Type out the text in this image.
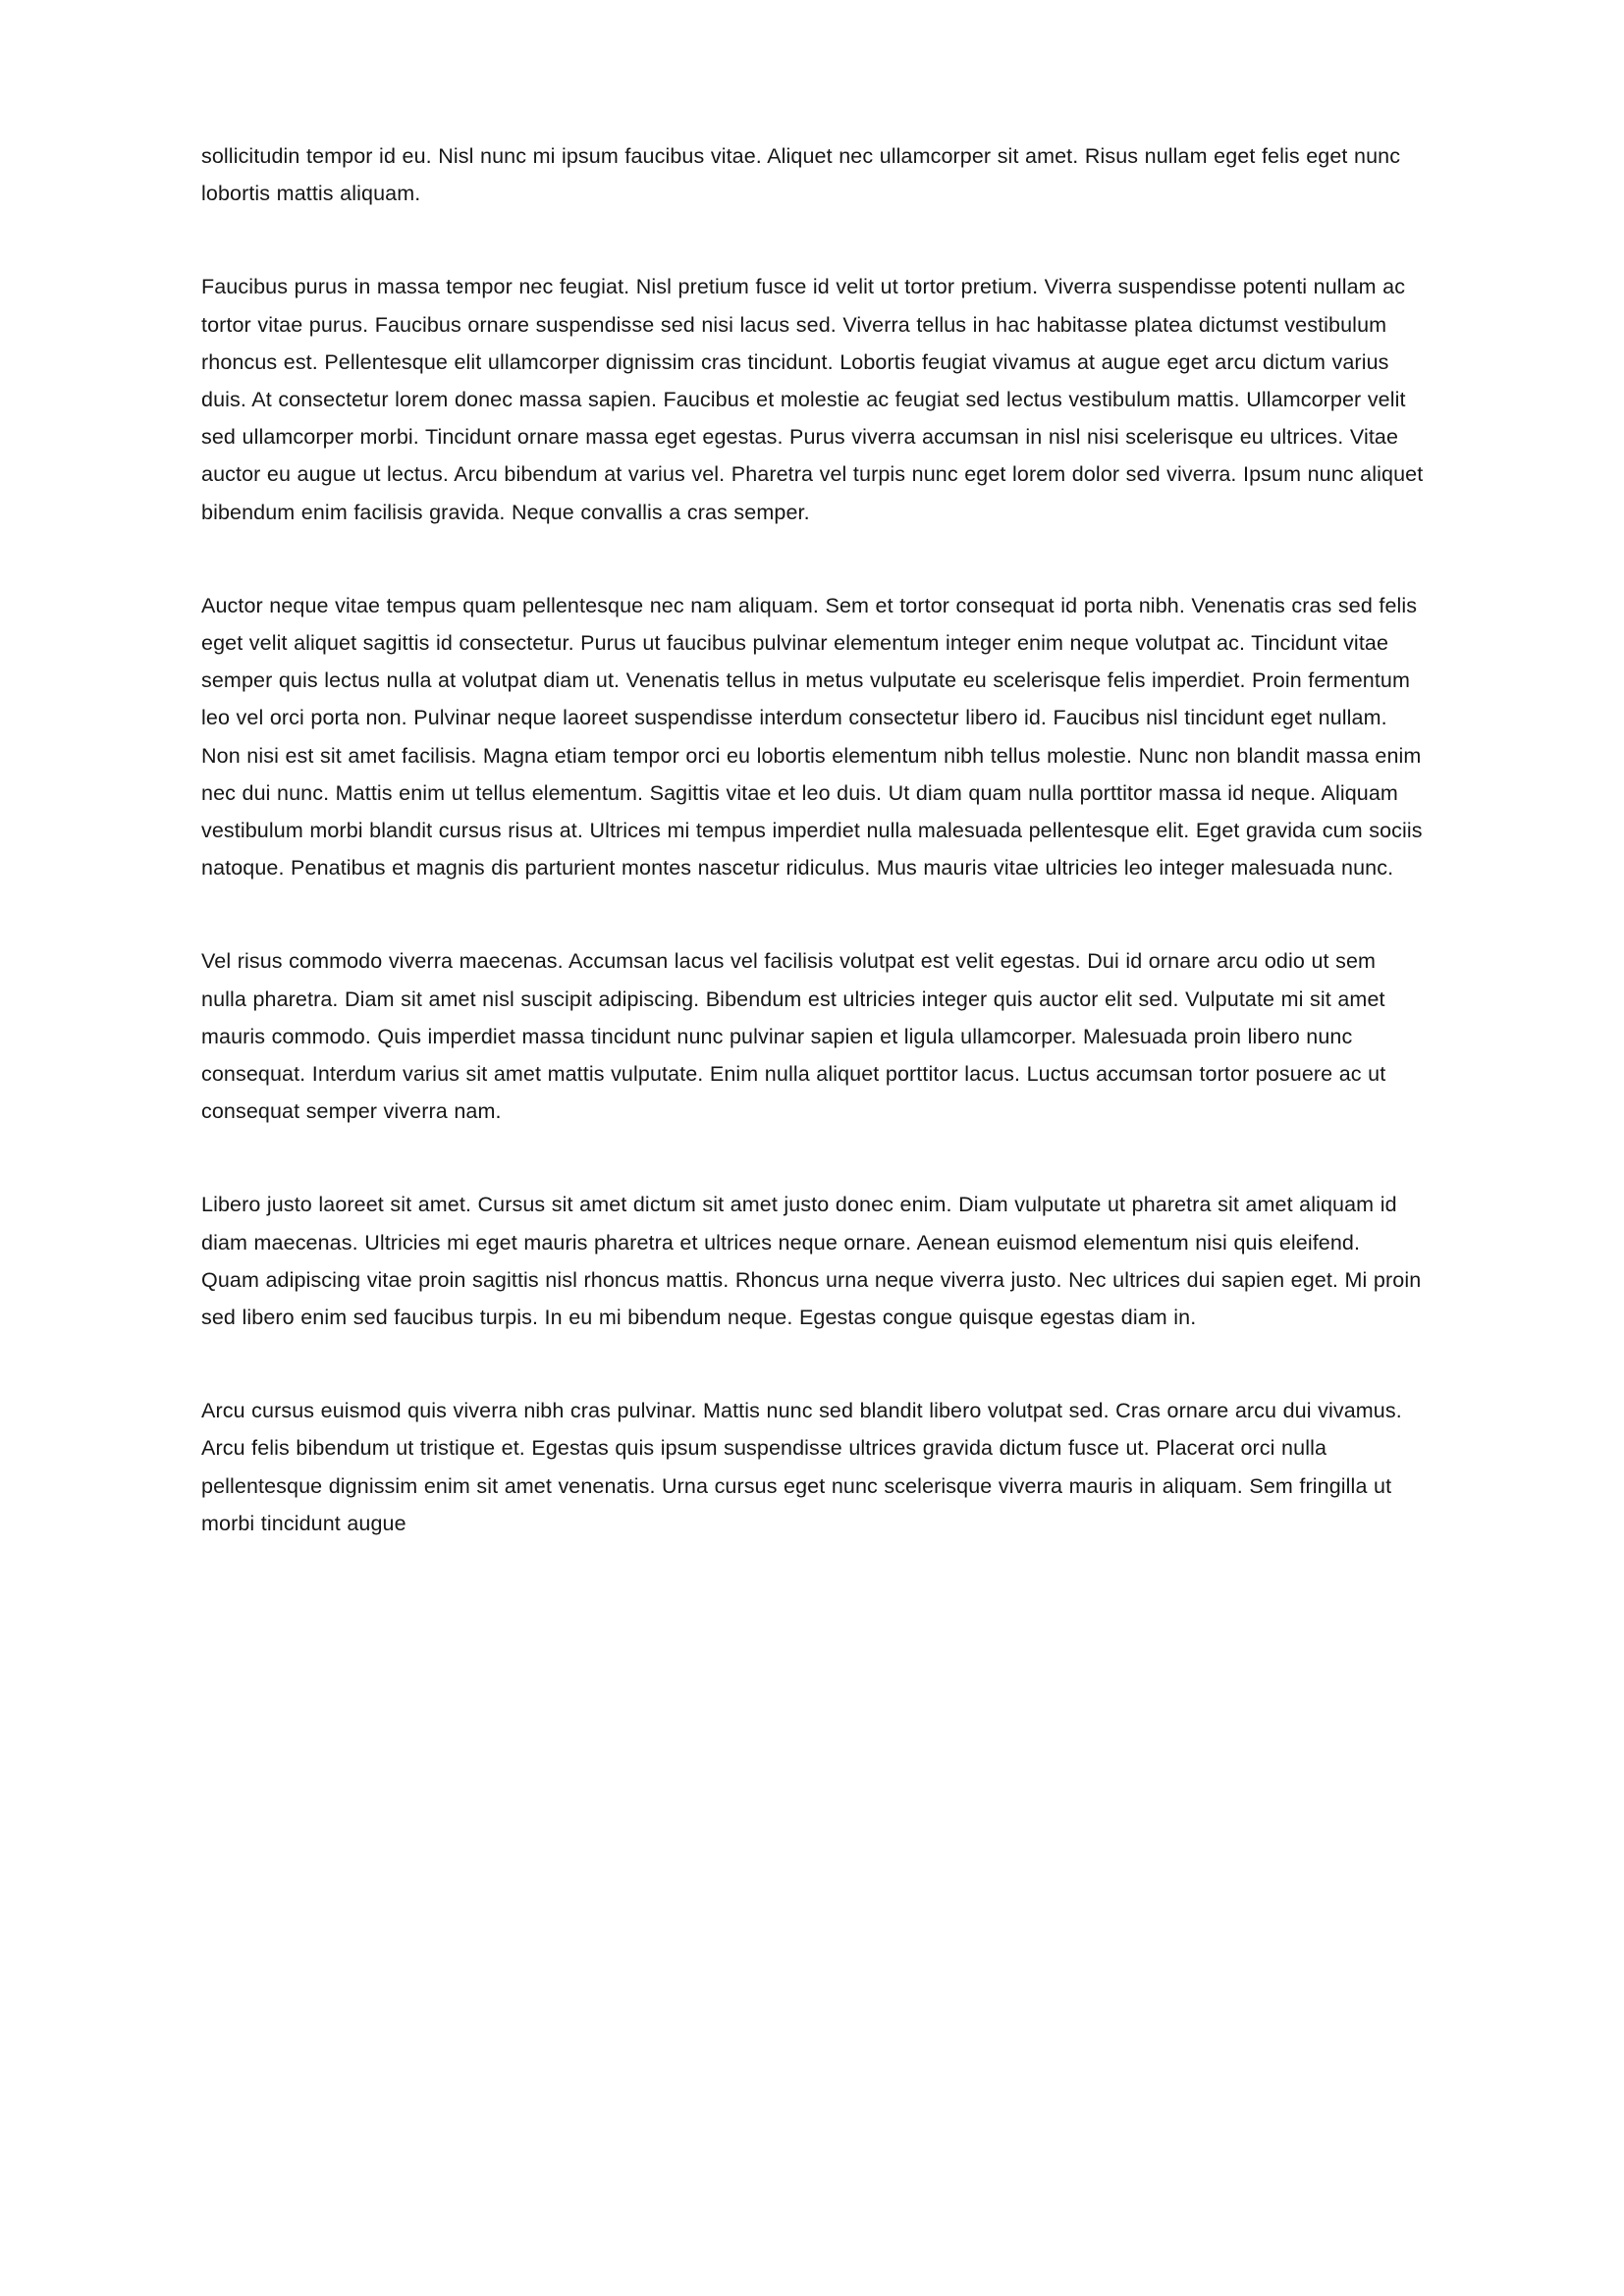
sollicitudin tempor id eu. Nisl nunc mi ipsum faucibus vitae. Aliquet nec ullamcorper sit amet. Risus nullam eget felis eget nunc lobortis mattis aliquam.

Faucibus purus in massa tempor nec feugiat. Nisl pretium fusce id velit ut tortor pretium. Viverra suspendisse potenti nullam ac tortor vitae purus. Faucibus ornare suspendisse sed nisi lacus sed. Viverra tellus in hac habitasse platea dictumst vestibulum rhoncus est. Pellentesque elit ullamcorper dignissim cras tincidunt. Lobortis feugiat vivamus at augue eget arcu dictum varius duis. At consectetur lorem donec massa sapien. Faucibus et molestie ac feugiat sed lectus vestibulum mattis. Ullamcorper velit sed ullamcorper morbi. Tincidunt ornare massa eget egestas. Purus viverra accumsan in nisl nisi scelerisque eu ultrices. Vitae auctor eu augue ut lectus. Arcu bibendum at varius vel. Pharetra vel turpis nunc eget lorem dolor sed viverra. Ipsum nunc aliquet bibendum enim facilisis gravida. Neque convallis a cras semper.

Auctor neque vitae tempus quam pellentesque nec nam aliquam. Sem et tortor consequat id porta nibh. Venenatis cras sed felis eget velit aliquet sagittis id consectetur. Purus ut faucibus pulvinar elementum integer enim neque volutpat ac. Tincidunt vitae semper quis lectus nulla at volutpat diam ut. Venenatis tellus in metus vulputate eu scelerisque felis imperdiet. Proin fermentum leo vel orci porta non. Pulvinar neque laoreet suspendisse interdum consectetur libero id. Faucibus nisl tincidunt eget nullam. Non nisi est sit amet facilisis. Magna etiam tempor orci eu lobortis elementum nibh tellus molestie. Nunc non blandit massa enim nec dui nunc. Mattis enim ut tellus elementum. Sagittis vitae et leo duis. Ut diam quam nulla porttitor massa id neque. Aliquam vestibulum morbi blandit cursus risus at. Ultrices mi tempus imperdiet nulla malesuada pellentesque elit. Eget gravida cum sociis natoque. Penatibus et magnis dis parturient montes nascetur ridiculus. Mus mauris vitae ultricies leo integer malesuada nunc.

Vel risus commodo viverra maecenas. Accumsan lacus vel facilisis volutpat est velit egestas. Dui id ornare arcu odio ut sem nulla pharetra. Diam sit amet nisl suscipit adipiscing. Bibendum est ultricies integer quis auctor elit sed. Vulputate mi sit amet mauris commodo. Quis imperdiet massa tincidunt nunc pulvinar sapien et ligula ullamcorper. Malesuada proin libero nunc consequat. Interdum varius sit amet mattis vulputate. Enim nulla aliquet porttitor lacus. Luctus accumsan tortor posuere ac ut consequat semper viverra nam.

Libero justo laoreet sit amet. Cursus sit amet dictum sit amet justo donec enim. Diam vulputate ut pharetra sit amet aliquam id diam maecenas. Ultricies mi eget mauris pharetra et ultrices neque ornare. Aenean euismod elementum nisi quis eleifend. Quam adipiscing vitae proin sagittis nisl rhoncus mattis. Rhoncus urna neque viverra justo. Nec ultrices dui sapien eget. Mi proin sed libero enim sed faucibus turpis. In eu mi bibendum neque. Egestas congue quisque egestas diam in.

Arcu cursus euismod quis viverra nibh cras pulvinar. Mattis nunc sed blandit libero volutpat sed. Cras ornare arcu dui vivamus. Arcu felis bibendum ut tristique et. Egestas quis ipsum suspendisse ultrices gravida dictum fusce ut. Placerat orci nulla pellentesque dignissim enim sit amet venenatis. Urna cursus eget nunc scelerisque viverra mauris in aliquam. Sem fringilla ut morbi tincidunt augue
